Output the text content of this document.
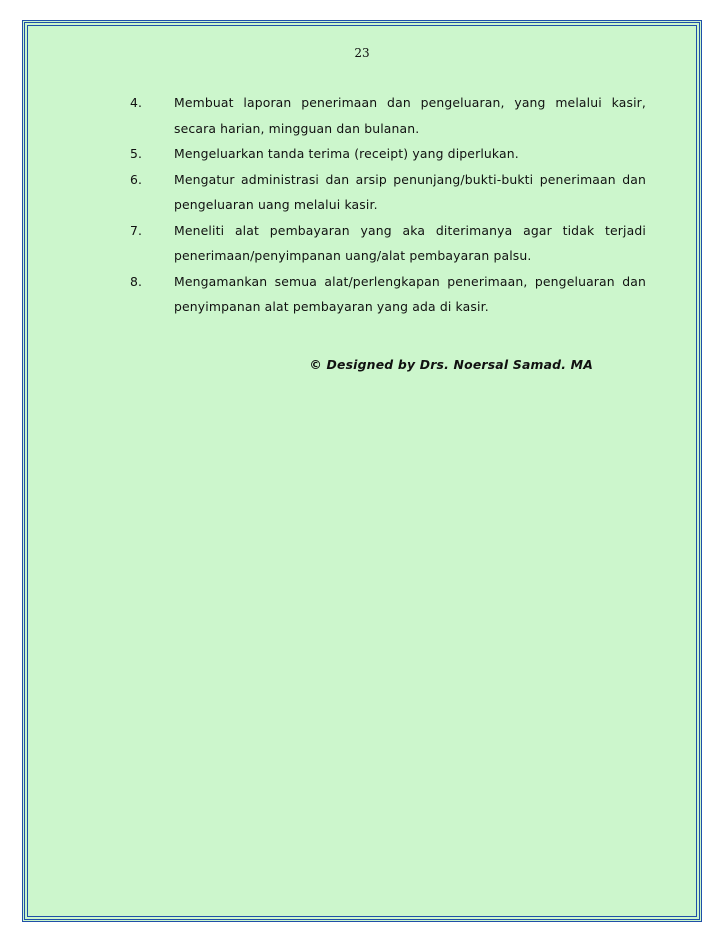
23
4.	Membuat laporan penerimaan dan pengeluaran, yang melalui kasir, secara harian, mingguan dan bulanan.
5.	Mengeluarkan tanda terima (receipt) yang diperlukan.
6.	Mengatur administrasi dan arsip penunjang/bukti-bukti penerimaan dan pengeluaran uang melalui kasir.
7.	Meneliti alat pembayaran yang aka diterimanya agar tidak terjadi penerimaan/penyimpanan uang/alat pembayaran palsu.
8.	Mengamankan semua alat/perlengkapan penerimaan, pengeluaran dan penyimpanan alat pembayaran yang ada di kasir.
© Designed by Drs. Noersal Samad. MA
